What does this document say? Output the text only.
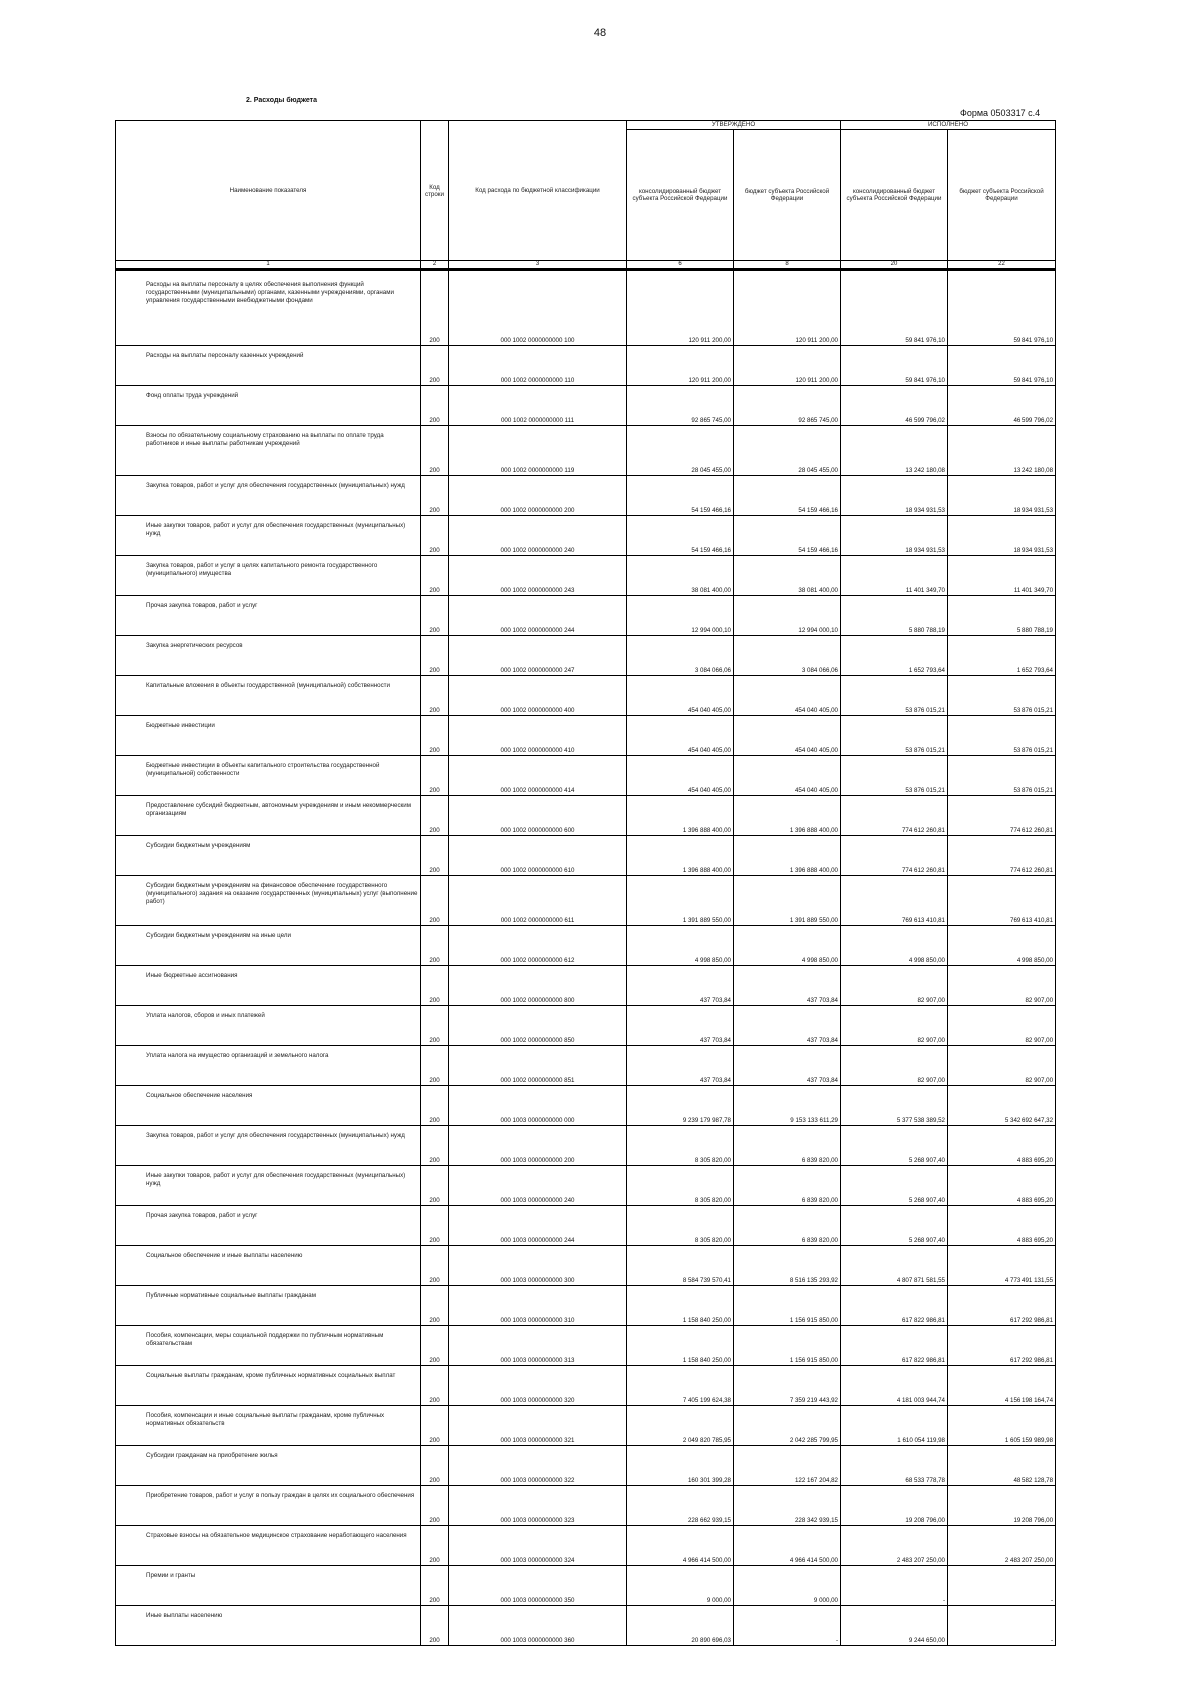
48
2. Расходы бюджета
Форма 0503317 с.4
Наименование показателя	Код строки	Код расхода по бюджетной классификации	УТВЕРЖДЕНО		ИСПОЛНЕНО	
			консолидированный бюджет субъекта Российской Федерации	бюджет субъекта Российской Федерации	консолидированный бюджет субъекта Российской Федерации	бюджет субъекта Российской Федерации
1	2	3	6	8	20	22
Расходы на выплаты персоналу в целях обеспечения выполнения функций государственными (муниципальными) органами, казенными учреждениями, органами управления государственными внебюджетными фондами	200	000 1002 0000000000 100	120 911 200,00	120 911 200,00	59 841 976,10	59 841 976,10
Расходы на выплаты персоналу казенных учреждений	200	000 1002 0000000000 110	120 911 200,00	120 911 200,00	59 841 976,10	59 841 976,10
Фонд оплаты труда учреждений	200	000 1002 0000000000 111	92 865 745,00	92 865 745,00	46 599 796,02	46 599 796,02
Взносы по обязательному социальному страхованию на выплаты по оплате труда работников и иные выплаты работникам учреждений	200	000 1002 0000000000 119	28 045 455,00	28 045 455,00	13 242 180,08	13 242 180,08
Закупка товаров, работ и услуг для обеспечения государственных (муниципальных) нужд	200	000 1002 0000000000 200	54 159 466,16	54 159 466,16	18 934 931,53	18 934 931,53
Иные закупки товаров, работ и услуг для обеспечения государственных (муниципальных) нужд	200	000 1002 0000000000 240	54 159 466,16	54 159 466,16	18 934 931,53	18 934 931,53
Закупка товаров, работ и услуг в целях капитального ремонта государственного (муниципального) имущества	200	000 1002 0000000000 243	38 081 400,00	38 081 400,00	11 401 349,70	11 401 349,70
Прочая закупка товаров, работ и услуг	200	000 1002 0000000000 244	12 994 000,10	12 994 000,10	5 880 788,19	5 880 788,19
Закупка энергетических ресурсов	200	000 1002 0000000000 247	3 084 066,06	3 084 066,06	1 652 793,64	1 652 793,64
Капитальные вложения в объекты государственной (муниципальной) собственности	200	000 1002 0000000000 400	454 040 405,00	454 040 405,00	53 876 015,21	53 876 015,21
Бюджетные инвестиции	200	000 1002 0000000000 410	454 040 405,00	454 040 405,00	53 876 015,21	53 876 015,21
Бюджетные инвестиции в объекты капитального строительства государственной (муниципальной) собственности	200	000 1002 0000000000 414	454 040 405,00	454 040 405,00	53 876 015,21	53 876 015,21
Предоставление субсидий бюджетным, автономным учреждениям и иным некоммерческим организациям	200	000 1002 0000000000 600	1 396 888 400,00	1 396 888 400,00	774 612 260,81	774 612 260,81
Субсидии бюджетным учреждениям	200	000 1002 0000000000 610	1 396 888 400,00	1 396 888 400,00	774 612 260,81	774 612 260,81
Субсидии бюджетным учреждениям на финансовое обеспечение государственного (муниципального) задания на оказание государственных (муниципальных) услуг (выполнение работ)	200	000 1002 0000000000 611	1 391 889 550,00	1 391 889 550,00	769 613 410,81	769 613 410,81
Субсидии бюджетным учреждениям на иные цели	200	000 1002 0000000000 612	4 998 850,00	4 998 850,00	4 998 850,00	4 998 850,00
Иные бюджетные ассигнования	200	000 1002 0000000000 800	437 703,84	437 703,84	82 907,00	82 907,00
Уплата налогов, сборов и иных платежей	200	000 1002 0000000000 850	437 703,84	437 703,84	82 907,00	82 907,00
Уплата налога на имущество организаций и земельного налога	200	000 1002 0000000000 851	437 703,84	437 703,84	82 907,00	82 907,00
Социальное обеспечение населения	200	000 1003 0000000000 000	9 239 179 987,78	9 153 133 611,29	5 377 538 389,52	5 342 692 647,32
Закупка товаров, работ и услуг для обеспечения государственных (муниципальных) нужд	200	000 1003 0000000000 200	8 305 820,00	6 839 820,00	5 268 907,40	4 883 695,20
Иные закупки товаров, работ и услуг для обеспечения государственных (муниципальных) нужд	200	000 1003 0000000000 240	8 305 820,00	6 839 820,00	5 268 907,40	4 883 695,20
Прочая закупка товаров, работ и услуг	200	000 1003 0000000000 244	8 305 820,00	6 839 820,00	5 268 907,40	4 883 695,20
Социальное обеспечение и иные выплаты населению	200	000 1003 0000000000 300	8 584 739 570,41	8 516 135 293,92	4 807 871 581,55	4 773 491 131,55
Публичные нормативные социальные выплаты гражданам	200	000 1003 0000000000 310	1 158 840 250,00	1 156 915 850,00	617 822 986,81	617 292 986,81
Пособия, компенсации, меры социальной поддержки по публичным нормативным обязательствам	200	000 1003 0000000000 313	1 158 840 250,00	1 156 915 850,00	617 822 986,81	617 292 986,81
Социальные выплаты гражданам, кроме публичных нормативных социальных выплат	200	000 1003 0000000000 320	7 405 199 624,38	7 359 219 443,92	4 181 003 944,74	4 156 198 164,74
Пособия, компенсации и иные социальные выплаты гражданам, кроме публичных нормативных обязательств	200	000 1003 0000000000 321	2 049 820 785,95	2 042 285 799,95	1 610 054 119,98	1 605 159 989,98
Субсидии гражданам на приобретение жилья	200	000 1003 0000000000 322	160 301 399,28	122 167 204,82	68 533 778,78	48 582 128,78
Приобретение товаров, работ и услуг в пользу граждан в целях их социального обеспечения	200	000 1003 0000000000 323	228 662 939,15	228 342 939,15	19 208 796,00	19 208 796,00
Страховые взносы на обязательное медицинское страхование неработающего населения	200	000 1003 0000000000 324	4 966 414 500,00	4 966 414 500,00	2 483 207 250,00	2 483 207 250,00
Премии и гранты	200	000 1003 0000000000 350	9 000,00	9 000,00	-	-
Иные выплаты населению	200	000 1003 0000000000 360	20 890 696,03	-	9 244 650,00	-
